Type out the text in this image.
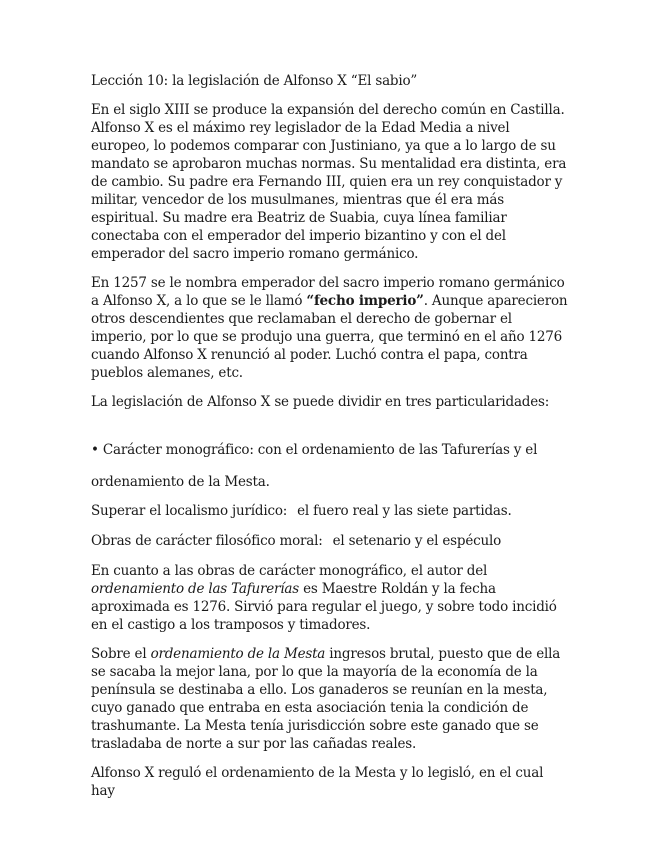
Lección 10: la legislación de Alfonso X “El sabio”

En el siglo XIII se produce la expansión del derecho común en Castilla. Alfonso X es el máximo rey legislador de la Edad Media a nivel europeo, lo podemos comparar con Justiniano, ya que a lo largo de su mandato se aprobaron muchas normas. Su mentalidad era distinta, era de cambio. Su padre era Fernando III, quien era un rey conquistador y militar, vencedor de los musulmanes, mientras que él era más espiritual. Su madre era Beatriz de Suabia, cuya línea familiar conectaba con el emperador del imperio bizantino y con el del emperador del sacro imperio romano germánico.

En 1257 se le nombra emperador del sacro imperio romano germánico a Alfonso X, a lo que se le llamó “fecho imperio”. Aunque aparecieron otros descendientes que reclamaban el derecho de gobernar el imperio, por lo que se produjo una guerra, que terminó en el año 1276 cuando Alfonso X renunció al poder. Luchó contra el papa, contra pueblos alemanes, etc.

La legislación de Alfonso X se puede dividir en tres particularidades:

• Carácter monográfico: con el ordenamiento de las Tafurerías y el
ordenamiento de la Mesta.
Superar el localismo jurídico: el fuero real y las siete partidas.
Obras de carácter filosófico moral: el setenario y el espéculo

En cuanto a las obras de carácter monográfico, el autor del ordenamiento de las Tafurerías es Maestre Roldán y la fecha aproximada es 1276. Sirvió para regular el juego, y sobre todo incidió en el castigo a los tramposos y timadores.

Sobre el ordenamiento de la Mesta ingresos brutal, puesto que de ella se sacaba la mejor lana, por lo que la mayoría de la economía de la península se destinaba a ello. Los ganaderos se reunían en la mesta, cuyo ganado que entraba en esta asociación tenia la condición de trashumante. La Mesta tenía jurisdicción sobre este ganado que se trasladaba de norte a sur por las cañadas reales.

Alfonso X reguló el ordenamiento de la Mesta y lo legisló, en el cual hay
